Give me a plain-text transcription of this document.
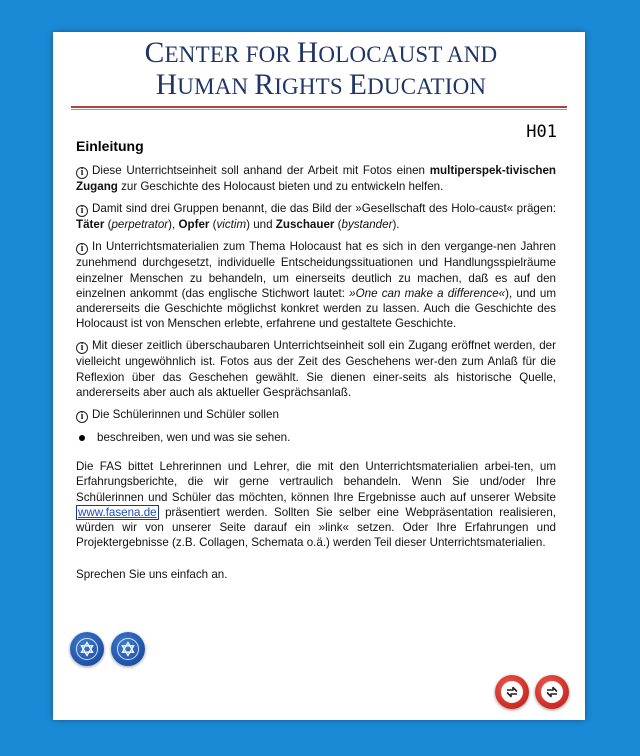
CENTER FOR HOLOCAUST AND
HUMAN RIGHTS EDUCATION
H01
Einleitung

i Diese Unterrichtseinheit soll anhand der Arbeit mit Fotos einen multiperspek-tivischen Zugang zur Geschichte des Holocaust bieten und zu entwickeln helfen.

i Damit sind drei Gruppen benannt, die das Bild der »Gesellschaft des Holo-caust« prägen: Täter (perpetrator), Opfer (victim) und Zuschauer (bystander).

i In Unterrichtsmaterialien zum Thema Holocaust hat es sich in den vergange-nen Jahren zunehmend durchgesetzt, individuelle Entscheidungssituationen und Handlungsspielräume einzelner Menschen zu behandeln, um einerseits deutlich zu machen, daß es auf den einzelnen ankommt (das englische Stichwort lautet: »One can make a difference«), und um andererseits die Geschichte möglichst konkret werden zu lassen. Auch die Geschichte des Holocaust ist von Menschen erlebte, erfahrene und gestaltete Geschichte.

i Mit dieser zeitlich überschaubaren Unterrichtseinheit soll ein Zugang eröffnet werden, der vielleicht ungewöhnlich ist. Fotos aus der Zeit des Geschehens wer-den zum Anlaß für die Reflexion über das Geschehen gewählt. Sie dienen einer-seits als historische Quelle, andererseits aber auch als aktueller Gesprächsanlaß.

i Die Schülerinnen und Schüler sollen

beschreiben, wen und was sie sehen.

Die FAS bittet Lehrerinnen und Lehrer, die mit den Unterrichtsmaterialien arbei-ten, um Erfahrungsberichte, die wir gerne vertraulich behandeln. Wenn Sie und/oder Ihre Schülerinnen und Schüler das möchten, können Ihre Ergebnisse auch auf unserer Website www.fasena.de präsentiert werden. Sollten Sie selber eine Webpräsentation realisieren, würden wir von unserer Seite darauf ein »link« setzen. Oder Ihre Erfahrungen und Projektergebnisse (z.B. Collagen, Schemata o.ä.) werden Teil dieser Unterrichtsmaterialien.

Sprechen Sie uns einfach an.
